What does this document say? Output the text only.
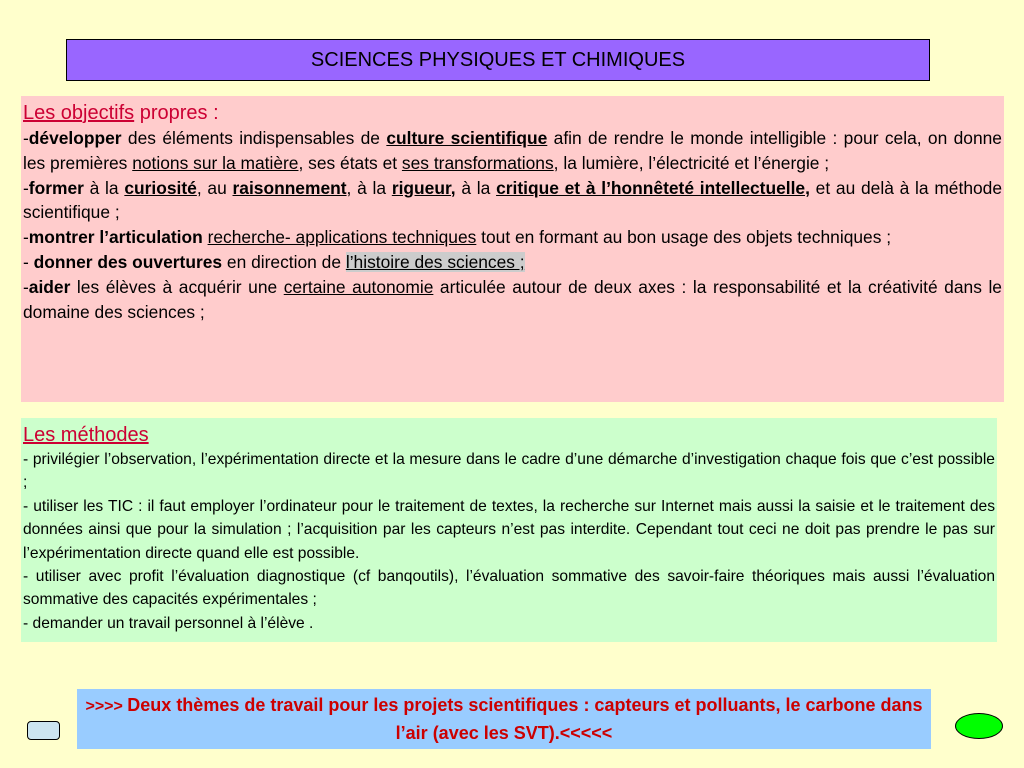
SCIENCES PHYSIQUES ET CHIMIQUES
Les objectifs propres :

-développer des éléments indispensables de culture scientifique afin de rendre le monde intelligible : pour cela, on donne les premières notions sur la matière, ses états et ses transformations, la lumière, l’électricité et l’énergie ;

-former à la curiosité, au raisonnement, à la rigueur, à la critique et à l’honnêteté intellectuelle, et au delà à la méthode scientifique ;

-montrer l’articulation recherche- applications techniques tout en formant au bon usage des objets techniques ;

- donner des ouvertures en direction de l’histoire des sciences ;

-aider les élèves à acquérir une certaine autonomie articulée autour de deux axes : la responsabilité et la créativité dans le domaine des sciences ;

Les méthodes

- privilégier l’observation, l’expérimentation directe et la mesure dans le cadre d’une démarche d’investigation chaque fois que c’est possible ;

- utiliser les TIC : il faut employer l’ordinateur pour le traitement de textes, la recherche sur Internet mais aussi la saisie et le traitement des données ainsi que pour la simulation ; l’acquisition par les capteurs n’est pas interdite. Cependant tout ceci ne doit pas prendre le pas sur l’expérimentation directe quand elle est possible.

- utiliser avec profit l’évaluation diagnostique (cf banqoutils), l’évaluation sommative des savoir-faire théoriques mais aussi l’évaluation sommative des capacités expérimentales ;

- demander un travail personnel à l’élève .

>>>> Deux thèmes de travail pour les projets scientifiques : capteurs et polluants, le carbone dans l’air (avec les SVT).<<<<<
